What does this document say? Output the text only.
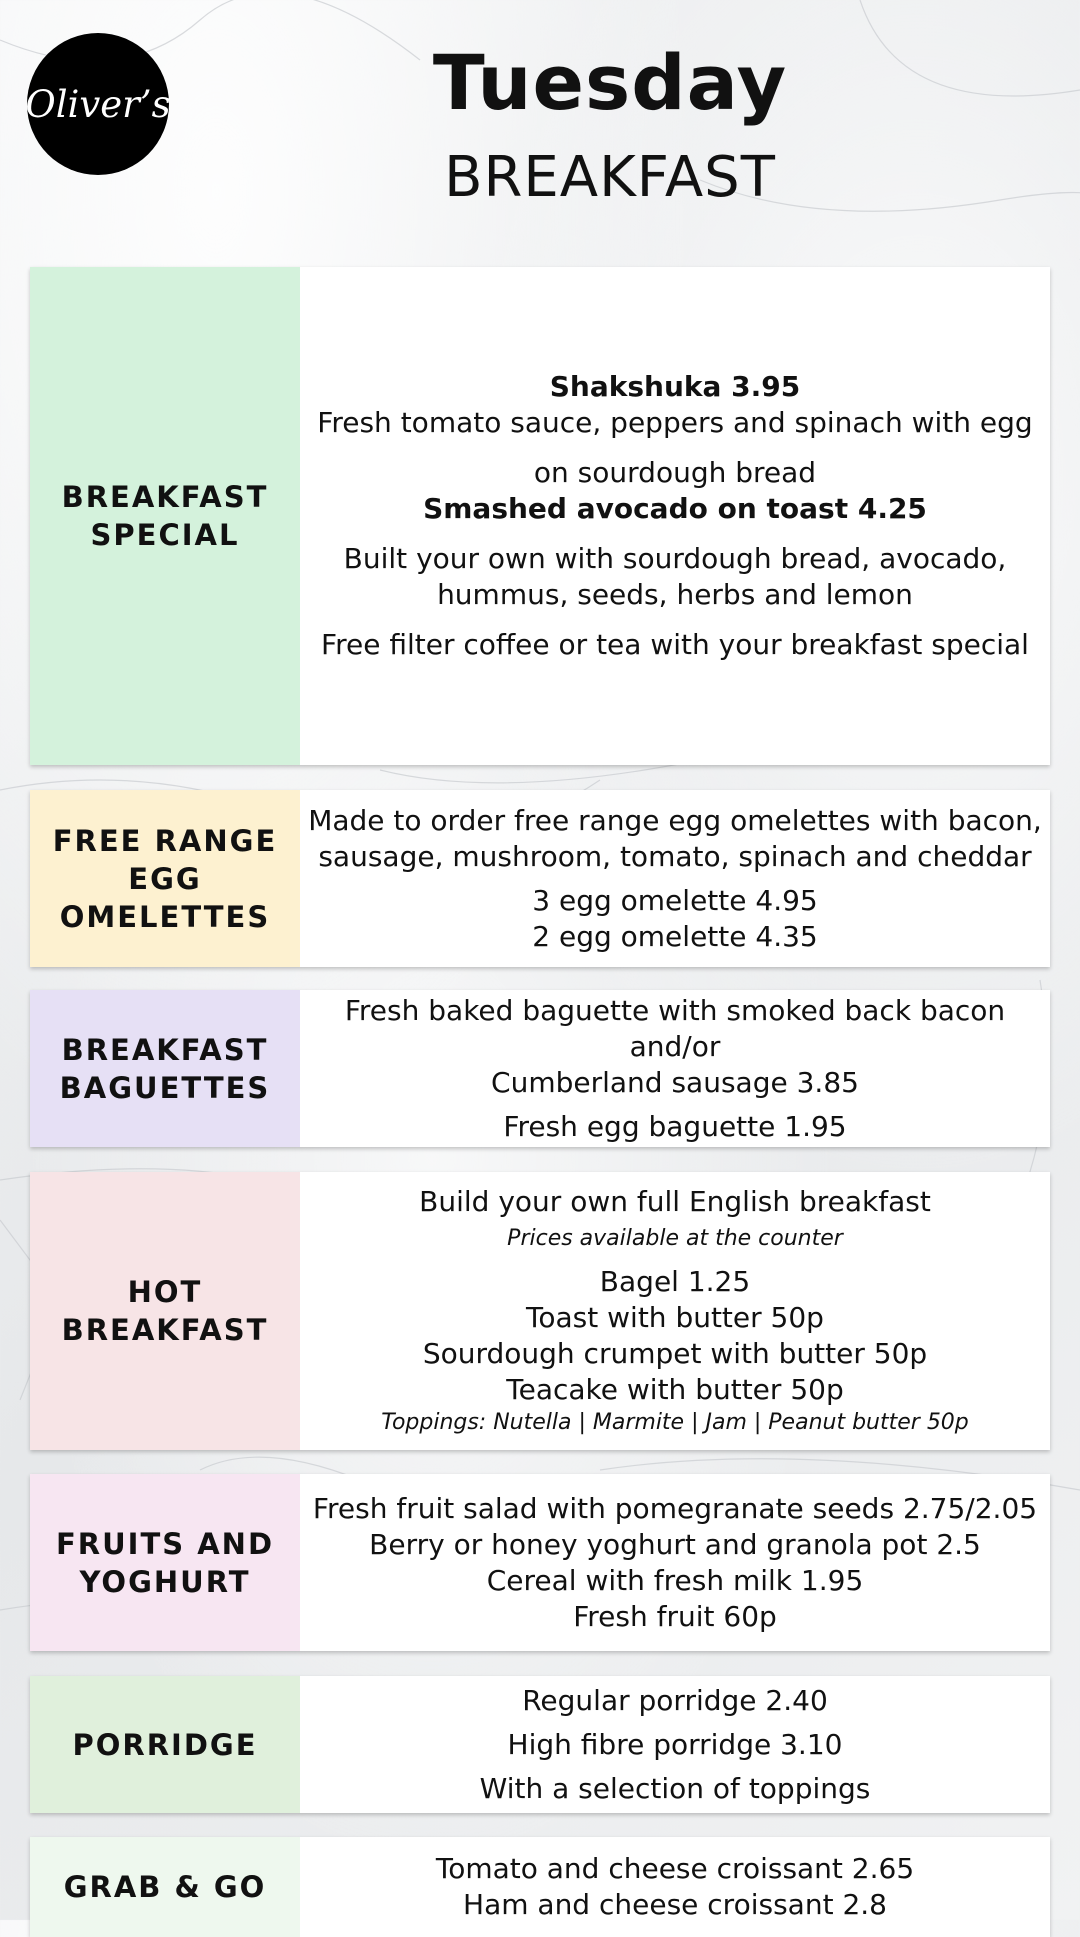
Oliver’s	Tuesday
BREAKFAST
BREAKFAST
SPECIAL
Shakshuka 3.95
Fresh tomato sauce, peppers and spinach with egg
on sourdough bread
Smashed avocado on toast 4.25
Built your own with sourdough bread, avocado,
hummus, seeds, herbs and lemon
Free filter coffee or tea with your breakfast special
FREE RANGE
EGG
OMELETTES
Made to order free range egg omelettes with bacon,
sausage, mushroom, tomato, spinach and cheddar
3 egg omelette 4.95
2 egg omelette 4.35
BREAKFAST
BAGUETTES
Fresh baked baguette with smoked back bacon and/or
Cumberland sausage 3.85
Fresh egg baguette 1.95
HOT
BREAKFAST
Build your own full English breakfast
Prices available at the counter
Bagel 1.25
Toast with butter 50p
Sourdough crumpet with butter 50p
Teacake with butter 50p
Toppings: Nutella | Marmite | Jam | Peanut butter 50p
FRUITS AND
YOGHURT
Fresh fruit salad with pomegranate seeds 2.75/2.05
Berry or honey yoghurt and granola pot 2.5
Cereal with fresh milk 1.95
Fresh fruit 60p
PORRIDGE
Regular porridge 2.40
High fibre porridge 3.10
With a selection of toppings
GRAB & GO
Tomato and cheese croissant 2.65
Ham and cheese croissant 2.8
